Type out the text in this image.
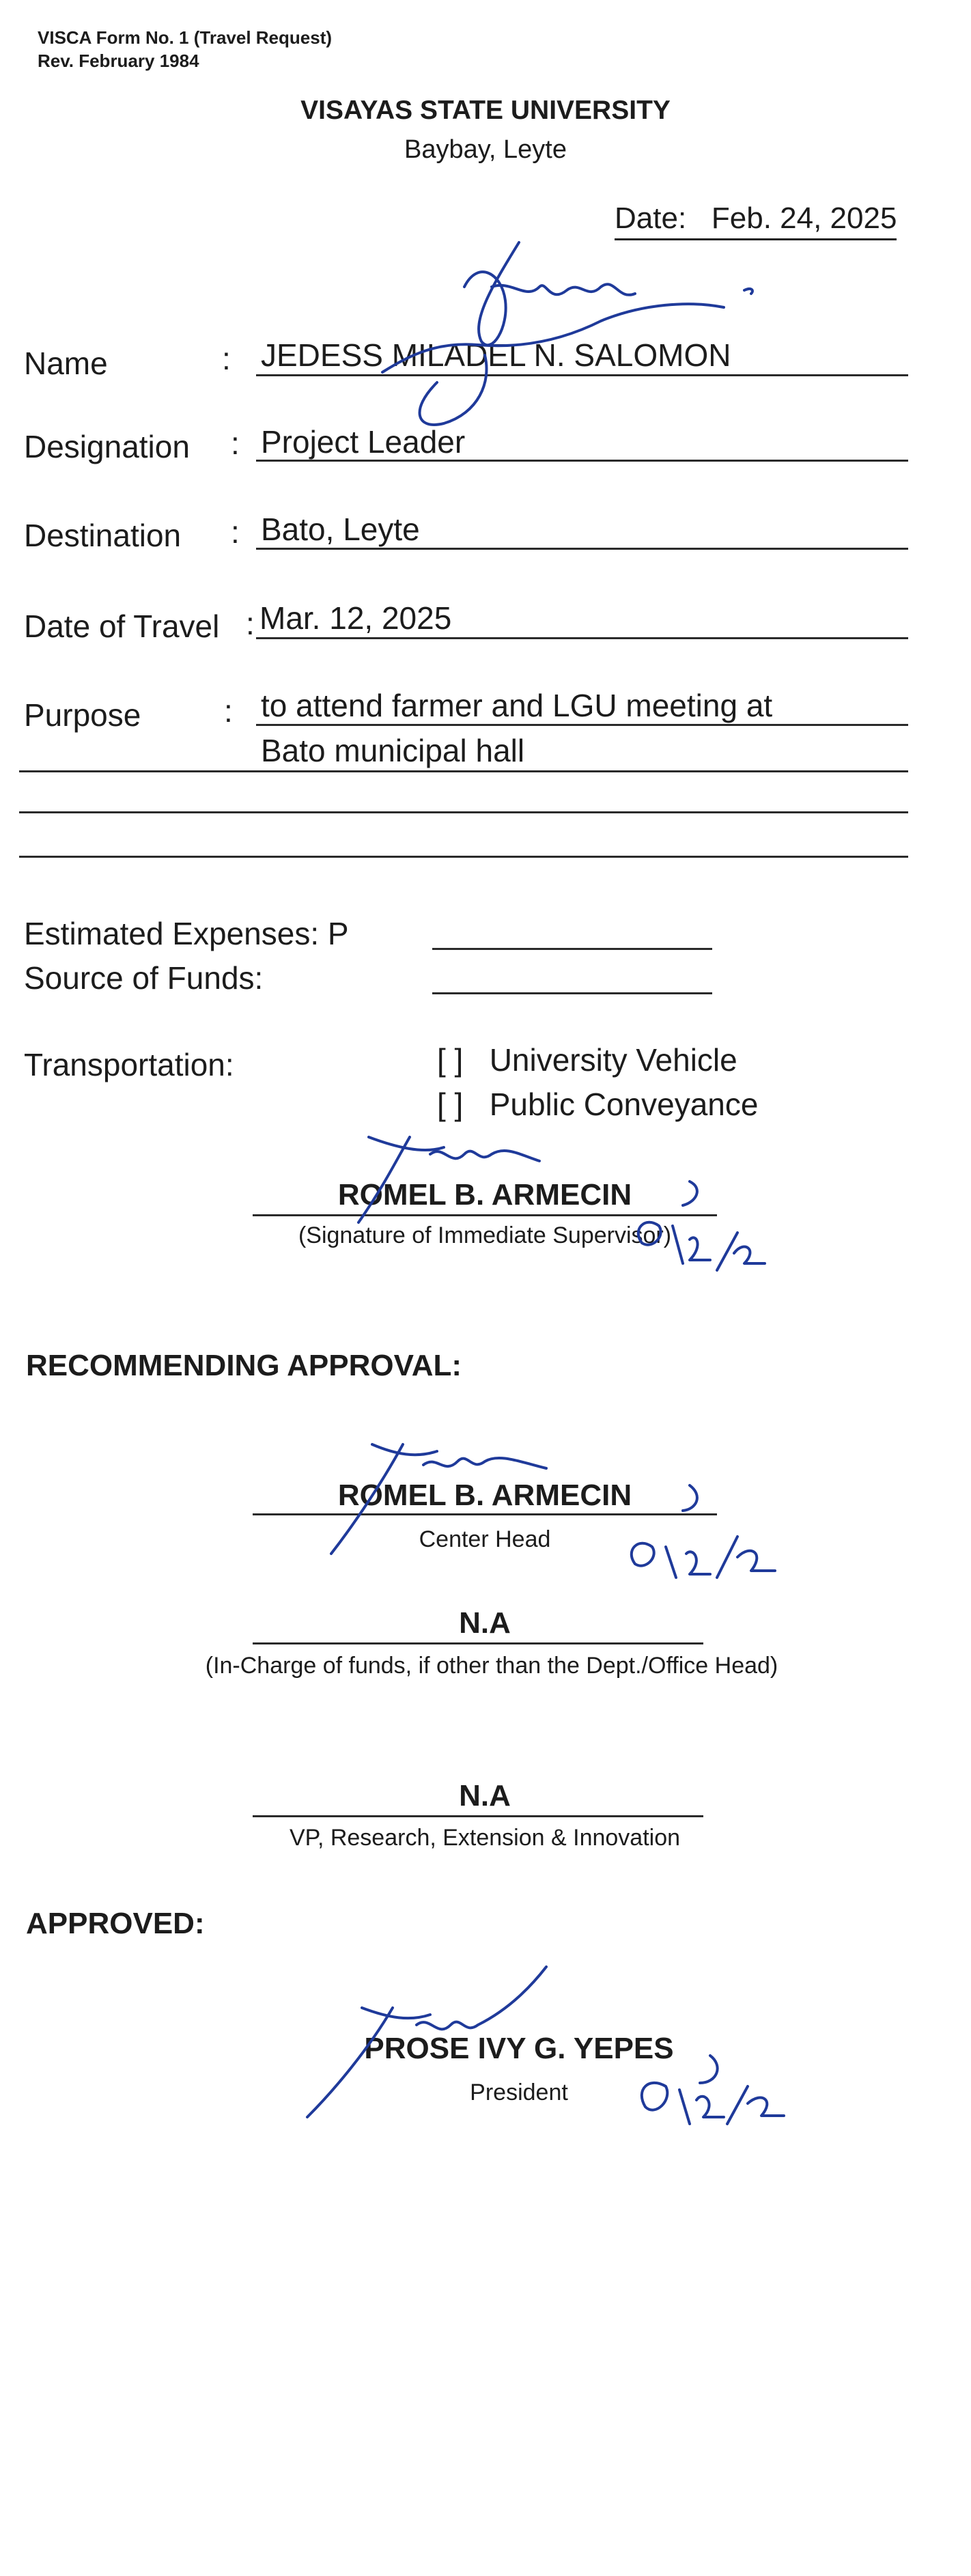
VISCA Form No. 1 (Travel Request)
Rev. February 1984
VISAYAS STATE UNIVERSITY
Baybay, Leyte
Date: Feb. 24, 2025
Name	: JEDESS MILADEL N. SALOMON
Designation : Project Leader
Destination : Bato, Leyte
Date of Travel : Mar. 12, 2025
Purpose	: to attend farmer and LGU meeting at
Bato municipal hall
Estimated Expenses: P
Source of Funds:
Transportation:	[ ] University Vehicle
[ ] Public Conveyance
ROMEL B. ARMECIN
(Signature of Immediate Supervisor)
RECOMMENDING APPROVAL:
ROMEL B. ARMECIN
Center Head
N.A
(In-Charge of funds, if other than the Dept./Office Head)
N.A
VP, Research, Extension & Innovation
APPROVED:
PROSE IVY G. YEPES
President
